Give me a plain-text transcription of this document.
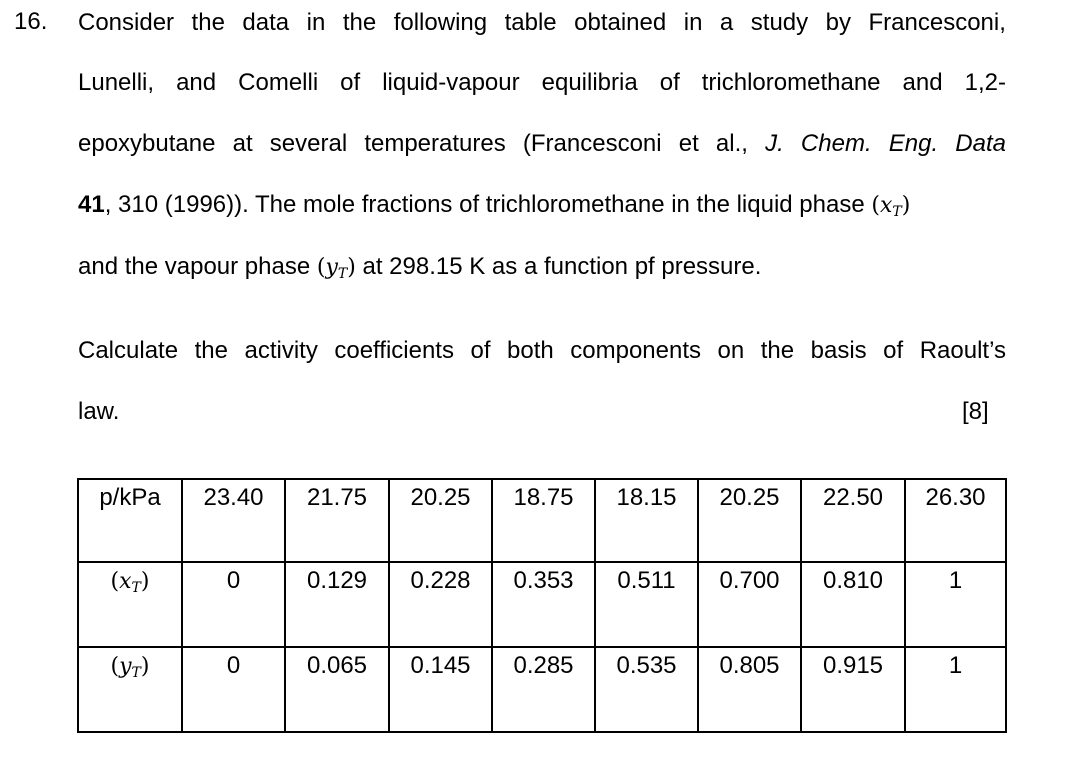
16. Consider the data in the following table obtained in a study by Francesconi,
Lunelli, and Comelli of liquid-vapour equilibria of trichloromethane and 1,2-
epoxybutane at several temperatures (Francesconi et al., J. Chem. Eng. Data
41, 310 (1996)). The mole fractions of trichloromethane in the liquid phase $(x_T)$
and the vapour phase $(y_T)$ at 298.15 K as a function pf pressure.
Calculate the activity coefficients of both components on the basis of Raoult’s
law.	[8]
p/kPa	23.40	21.75	20.25	18.75	18.15	20.25	22.50	26.30
$(x_T)$	0	0.129	0.228	0.353	0.511	0.700	0.810	1
$(y_T)$	0	0.065	0.145	0.285	0.535	0.805	0.915	1
